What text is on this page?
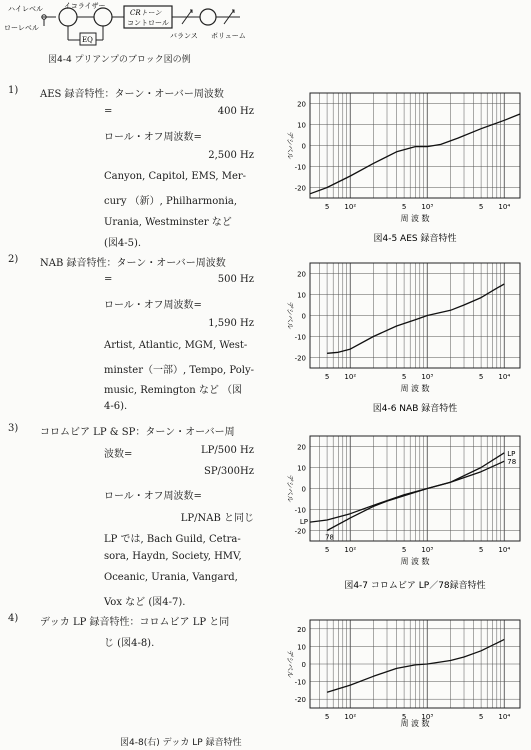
ハイレベル
ローレベル
イコライザー
EQ
CRトーン
コントロール
バランス ボリューム
図4-4 プリアンプのブロック図の例
1) AES 録音特性：ターン・オーバー周波数
=	400 Hz
ロール・オフ周波数=
2,500 Hz
Canyon, Capitol, EMS, Mer-
cury （新）, Philharmonia,
Urania, Westminster など
(図4-5).
2) NAB 録音特性：ターン・オーバー周波数
=	500 Hz
ロール・オフ周波数=
1,590 Hz
Artist, Atlantic, MGM, West-
minster（一部）, Tempo, Poly-
music, Remington など （図
4-6).
3) コロムビア LP & SP：ターン・オーバー周
波数=	LP/500 Hz
SP/300Hz
ロール・オフ周波数=
LP/NAB と同じ
LP では, Bach Guild, Cetra-
sora, Haydn, Society, HMV,
Oceanic, Urania, Vangard,
Vox など (図4-7).
4) デッカ LP 録音特性：コロムビア LP と同
じ (図4-8).
図4-8(右) デッカ LP 録音特性
20
10
0
-10
-20
5 10²	5 10³	5 10⁴
デシベル
周 波 数
図4-5 AES 録音特性
20
10
0
-10
-20
5 10²	5 10³	5 10⁴
デシベル
周 波 数
図4-6 NAB 録音特性
20
10
0
-10
-20
5 10²	5 10³	5 10⁴
デシベル
周 波 数
図4-7 コロムビア LP／78録音特性
LP
LP
78
78
20
10
0
-10
-20
5 10²	5 10³	5 10⁴
デシベル
周 波 数
